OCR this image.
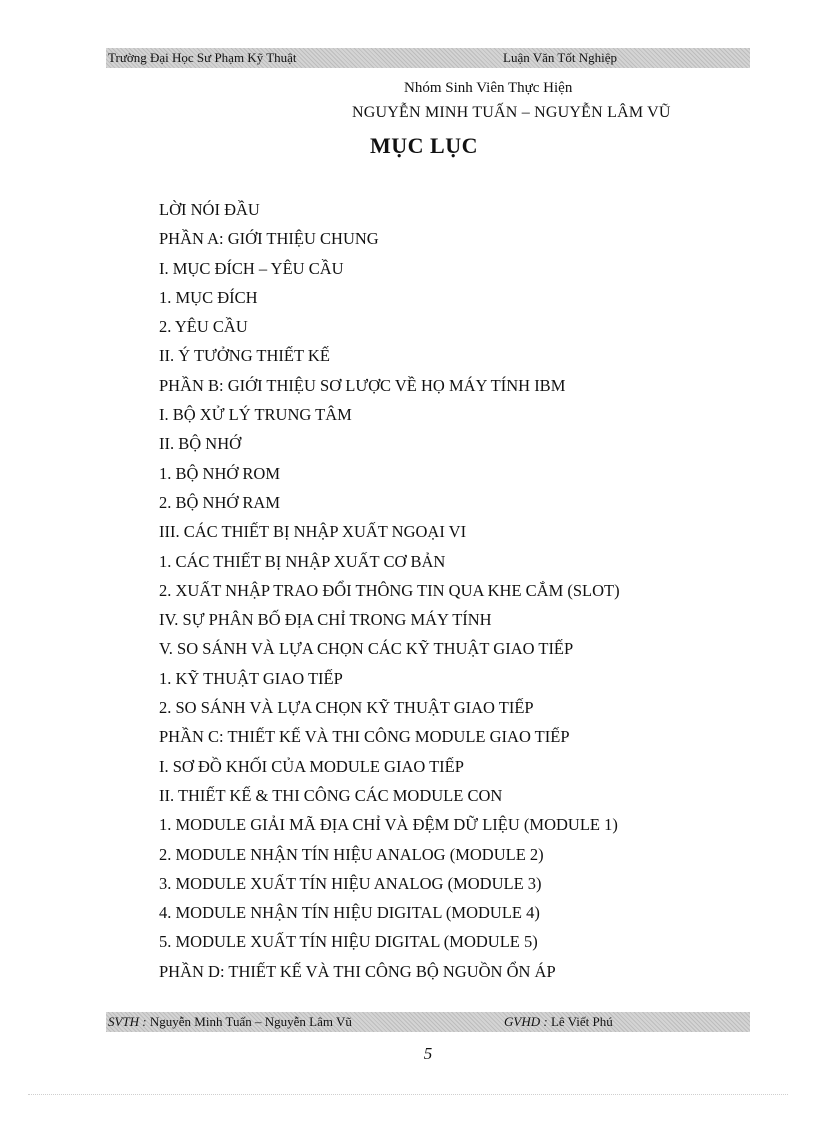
Trường Đại Học Sư Phạm Kỹ Thuật	Luận Văn Tốt Nghiệp
Nhóm Sinh Viên Thực Hiện
NGUYỄN MINH TUẤN – NGUYỄN LÂM VŨ
MỤC LỤC
LỜI NÓI ĐẦU
PHẦN A: GIỚI THIỆU CHUNG
I. MỤC ĐÍCH – YÊU CẦU
1. MỤC ĐÍCH
2. YÊU CẦU
II. Ý TƯỞNG THIẾT KẾ
PHẦN B: GIỚI THIỆU SƠ LƯỢC VỀ HỌ MÁY TÍNH IBM
I. BỘ XỬ LÝ TRUNG TÂM
II. BỘ NHỚ
1. BỘ NHỚ ROM
2. BỘ NHỚ RAM
III. CÁC THIẾT BỊ NHẬP XUẤT NGOẠI VI
1. CÁC THIẾT BỊ NHẬP XUẤT CƠ BẢN
2. XUẤT NHẬP TRAO ĐỔI THÔNG TIN QUA KHE CẮM (SLOT)
IV. SỰ PHÂN BỐ ĐỊA CHỈ TRONG MÁY TÍNH
V. SO SÁNH VÀ LỰA CHỌN CÁC KỸ THUẬT GIAO TIẾP
1. KỸ THUẬT GIAO TIẾP
2. SO SÁNH VÀ LỰA CHỌN KỸ THUẬT GIAO TIẾP
PHẦN C: THIẾT KẾ VÀ THI CÔNG MODULE GIAO TIẾP
I. SƠ ĐỒ KHỐI CỦA MODULE GIAO TIẾP
II. THIẾT KẾ & THI CÔNG CÁC MODULE CON
1. MODULE GIẢI MÃ ĐỊA CHỈ VÀ ĐỆM DỮ LIỆU (MODULE 1)
2. MODULE NHẬN TÍN HIỆU ANALOG (MODULE 2)
3. MODULE XUẤT TÍN HIỆU ANALOG (MODULE 3)
4. MODULE NHẬN TÍN HIỆU DIGITAL (MODULE 4)
5. MODULE XUẤT TÍN HIỆU DIGITAL (MODULE 5)
PHẦN D: THIẾT KẾ VÀ THI CÔNG BỘ NGUỒN ỔN ÁP
SVTH : Nguyễn Minh Tuấn – Nguyễn Lâm Vũ	GVHD : Lê Viết Phú
5
